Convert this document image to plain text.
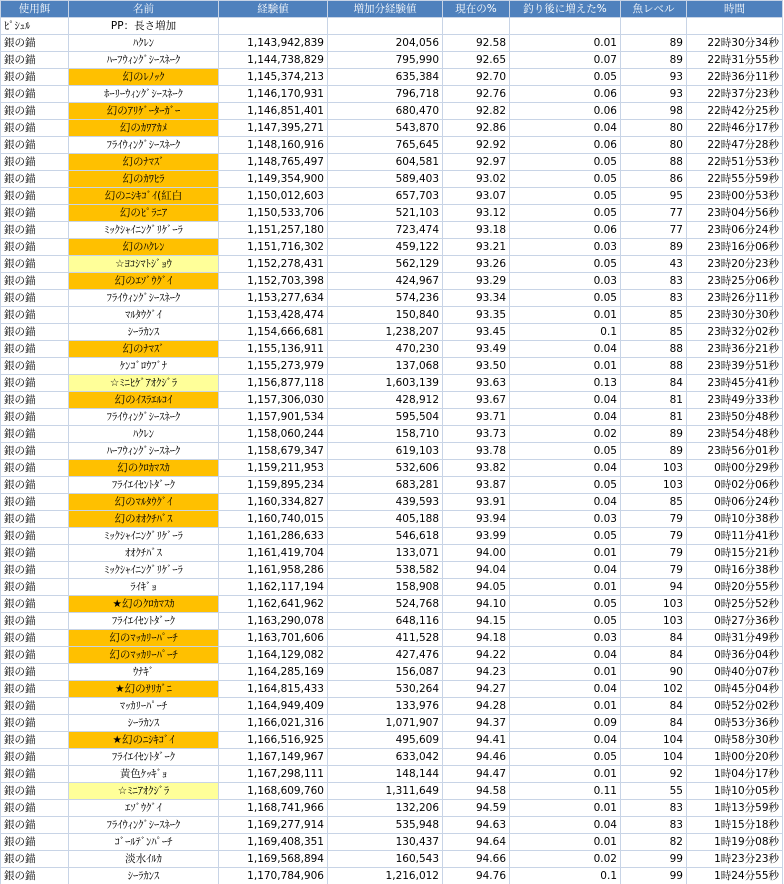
使用餌	名前	経験値	増加分経験値	現在の%	釣り後に増えた%	魚レベル	時間
ﾋﾟｼｭﾙ	PP：長さ増加						
銀の錨	ﾊｸﾚﾝ	1,143,942,839	204,056	92.58	0.01	89	22時30分34秒
銀の錨	ﾊｰﾌｳｨﾝｸﾞｼｰｽﾈｰｸ	1,144,738,829	795,990	92.65	0.07	89	22時31分55秒
銀の錨	幻のﾚﾉｯｸ	1,145,374,213	635,384	92.70	0.05	93	22時36分11秒
銀の錨	ﾎｰﾘｰｳｨﾝｸﾞｼｰｽﾈｰｸ	1,146,170,931	796,718	92.76	0.06	93	22時37分23秒
銀の錨	幻のｱﾘｹﾞｰﾀｰｶﾞｰ	1,146,851,401	680,470	92.82	0.06	98	22時42分25秒
銀の錨	幻のｶﾜｱｶﾒ	1,147,395,271	543,870	92.86	0.04	80	22時46分17秒
銀の錨	ﾌﾗｲｳｨﾝｸﾞｼｰｽﾈｰｸ	1,148,160,916	765,645	92.92	0.06	80	22時47分28秒
銀の錨	幻のﾅﾏｽﾞ	1,148,765,497	604,581	92.97	0.05	88	22時51分53秒
銀の錨	幻のｶﾜﾋﾗ	1,149,354,900	589,403	93.02	0.05	86	22時55分59秒
銀の錨	幻のﾆｼｷｺﾞｲ(紅白	1,150,012,603	657,703	93.07	0.05	95	23時00分53秒
銀の錨	幻のﾋﾟﾗﾆｱ	1,150,533,706	521,103	93.12	0.05	77	23時04分56秒
銀の錨	ﾐｯｸｼｬｲﾆﾝｸﾞﾘｹﾞｰﾗ	1,151,257,180	723,474	93.18	0.06	77	23時06分24秒
銀の錨	幻のﾊｸﾚﾝ	1,151,716,302	459,122	93.21	0.03	89	23時16分06秒
銀の錨	☆ﾖｺｼﾏﾄｼﾞｮｳ	1,152,278,431	562,129	93.26	0.05	43	23時20分23秒
銀の錨	幻のｴｿﾞｳｸﾞｲ	1,152,703,398	424,967	93.29	0.03	83	23時25分06秒
銀の錨	ﾌﾗｲｳｨﾝｸﾞｼｰｽﾈｰｸ	1,153,277,634	574,236	93.34	0.05	83	23時26分11秒
銀の錨	ﾏﾙﾀｳｸﾞｲ	1,153,428,474	150,840	93.35	0.01	85	23時30分30秒
銀の錨	ｼｰﾗｶﾝｽ	1,154,666,681	1,238,207	93.45	0.1	85	23時32分02秒
銀の錨	幻のﾅﾏｽﾞ	1,155,136,911	470,230	93.49	0.04	88	23時36分21秒
銀の錨	ｹﾝｺﾞﾛｳﾌﾞﾅ	1,155,273,979	137,068	93.50	0.01	88	23時39分51秒
銀の錨	☆ﾐﾆﾋｹﾞｱｵｸｼﾞﾗ	1,156,877,118	1,603,139	93.63	0.13	84	23時45分41秒
銀の錨	幻のｲｽﾗｴﾙｺｲ	1,157,306,030	428,912	93.67	0.04	81	23時49分33秒
銀の錨	ﾌﾗｲｳｨﾝｸﾞｼｰｽﾈｰｸ	1,157,901,534	595,504	93.71	0.04	81	23時50分48秒
銀の錨	ﾊｸﾚﾝ	1,158,060,244	158,710	93.73	0.02	89	23時54分48秒
銀の錨	ﾊｰﾌｳｨﾝｸﾞｼｰｽﾈｰｸ	1,158,679,347	619,103	93.78	0.05	89	23時56分01秒
銀の錨	幻のｸﾛｶﾏｽｶ	1,159,211,953	532,606	93.82	0.04	103	0時00分29秒
銀の錨	ﾌﾗｲｴｲｾﾝﾄﾀﾞｰｸ	1,159,895,234	683,281	93.87	0.05	103	0時02分06秒
銀の錨	幻のﾏﾙﾀｳｸﾞｲ	1,160,334,827	439,593	93.91	0.04	85	0時06分24秒
銀の錨	幻のｵｵｸﾁﾊﾞｽ	1,160,740,015	405,188	93.94	0.03	79	0時10分38秒
銀の錨	ﾐｯｸｼｬｲﾆﾝｸﾞﾘｹﾞｰﾗ	1,161,286,633	546,618	93.99	0.05	79	0時11分41秒
銀の錨	ｵｵｸﾁﾊﾞｽ	1,161,419,704	133,071	94.00	0.01	79	0時15分21秒
銀の錨	ﾐｯｸｼｬｲﾆﾝｸﾞﾘｹﾞｰﾗ	1,161,958,286	538,582	94.04	0.04	79	0時16分38秒
銀の錨	ﾗｲｷﾞｮ	1,162,117,194	158,908	94.05	0.01	94	0時20分55秒
銀の錨	★幻のｸﾛｶﾏｽｶ	1,162,641,962	524,768	94.10	0.05	103	0時25分52秒
銀の錨	ﾌﾗｲｴｲｾﾝﾄﾀﾞｰｸ	1,163,290,078	648,116	94.15	0.05	103	0時27分36秒
銀の錨	幻のﾏｯｶﾘｰﾊﾟｰﾁ	1,163,701,606	411,528	94.18	0.03	84	0時31分49秒
銀の錨	幻のﾏｯｶﾘｰﾊﾟｰﾁ	1,164,129,082	427,476	94.22	0.04	84	0時36分04秒
銀の錨	ｳﾅｷﾞ	1,164,285,169	156,087	94.23	0.01	90	0時40分07秒
銀の錨	★幻のｻﾘｶﾞﾆ	1,164,815,433	530,264	94.27	0.04	102	0時45分04秒
銀の錨	ﾏｯｶﾘｰﾊﾟｰﾁ	1,164,949,409	133,976	94.28	0.01	84	0時52分02秒
銀の錨	ｼｰﾗｶﾝｽ	1,166,021,316	1,071,907	94.37	0.09	84	0時53分36秒
銀の錨	★幻のﾆｼｷｺﾞｲ	1,166,516,925	495,609	94.41	0.04	104	0時58分30秒
銀の錨	ﾌﾗｲｴｲｾﾝﾄﾀﾞｰｸ	1,167,149,967	633,042	94.46	0.05	104	1時00分20秒
銀の錨	黄色ｹｯｷﾞｮ	1,167,298,111	148,144	94.47	0.01	92	1時04分17秒
銀の錨	☆ﾐﾆｱｵｸｼﾞﾗ	1,168,609,760	1,311,649	94.58	0.11	55	1時10分05秒
銀の錨	ｴｿﾞｳｸﾞｲ	1,168,741,966	132,206	94.59	0.01	83	1時13分59秒
銀の錨	ﾌﾗｲｳｨﾝｸﾞｼｰｽﾈｰｸ	1,169,277,914	535,948	94.63	0.04	83	1時15分18秒
銀の錨	ｺﾞｰﾙﾃﾞﾝﾊﾟｰﾁ	1,169,408,351	130,437	94.64	0.01	82	1時19分08秒
銀の錨	淡水ｲﾙｶ	1,169,568,894	160,543	94.66	0.02	99	1時23分23秒
銀の錨	ｼｰﾗｶﾝｽ	1,170,784,906	1,216,012	94.76	0.1	99	1時24分55秒
